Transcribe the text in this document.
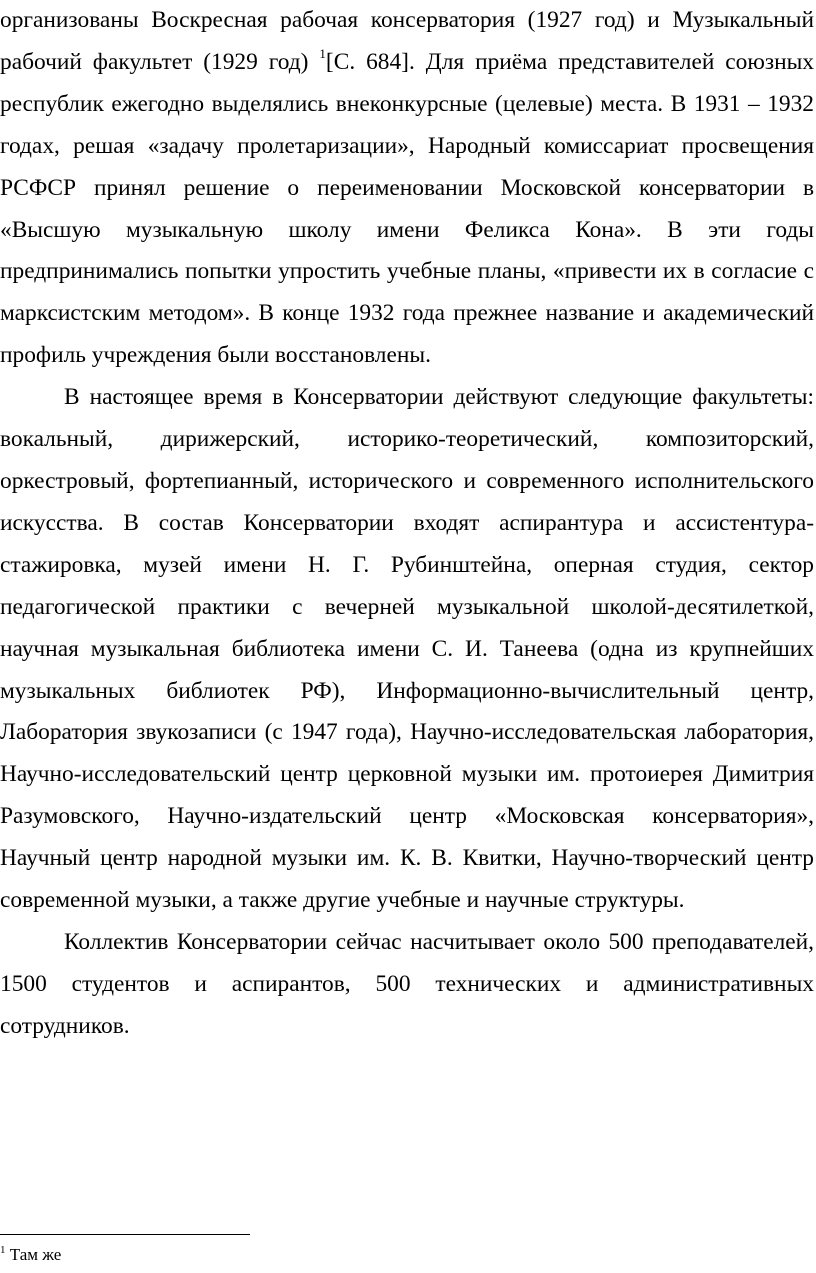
организованы Воскресная рабочая консерватория (1927 год) и Музыкальный рабочий факультет (1929 год) $^1$[С. 684]. Для приёма представителей союзных республик ежегодно выделялись внеконкурсные (целевые) места. В 1931 – 1932 годах, решая «задачу пролетаризации», Народный комиссариат просвещения РСФСР принял решение о переименовании Московской консерватории в «Высшую музыкальную школу имени Феликса Кона». В эти годы предпринимались попытки упростить учебные планы, «привести их в согласие с марксистским методом». В конце 1932 года прежнее название и академический профиль учреждения были восстановлены.

В настоящее время в Консерватории действуют следующие факультеты: вокальный, дирижерский, историко-теоретический, композиторский, оркестровый, фортепианный, исторического и современного исполнительского искусства. В состав Консерватории входят аспирантура и ассистентура-стажировка, музей имени Н. Г. Рубинштейна, оперная студия, сектор педагогической практики с вечерней музыкальной школой-десятилеткой, научная музыкальная библиотека имени С. И. Танеева (одна из крупнейших музыкальных библиотек РФ), Информационно-вычислительный центр, Лаборатория звукозаписи (с 1947 года), Научно-исследовательская лаборатория, Научно-исследовательский центр церковной музыки им. протоиерея Димитрия Разумовского, Научно-издательский центр «Московская консерватория», Научный центр народной музыки им. К. В. Квитки, Научно-творческий центр современной музыки, а также другие учебные и научные структуры.

Коллектив Консерватории сейчас насчитывает около 500 преподавателей, 1500 студентов и аспирантов, 500 технических и административных сотрудников.

$^1$ Там же
